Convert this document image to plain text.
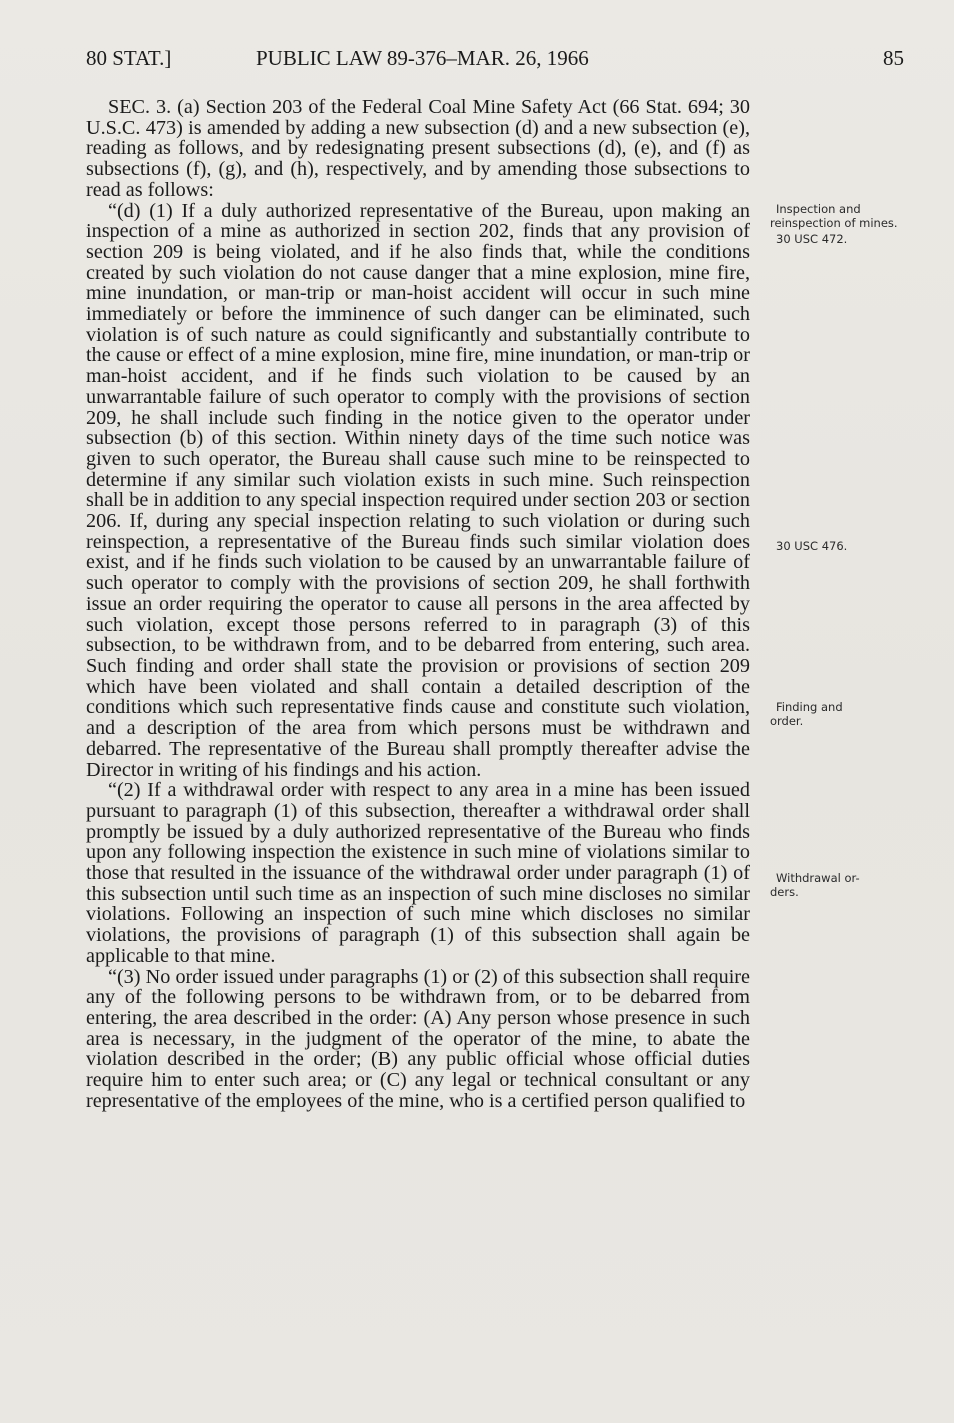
80 STAT.]	PUBLIC LAW 89-376–MAR. 26, 1966	85

SEC. 3. (a) Section 203 of the Federal Coal Mine Safety Act (66 Stat. 694; 30 U.S.C. 473) is amended by adding a new subsection (d) and a new subsection (e), reading as follows, and by redesignating present subsections (d), (e), and (f) as subsections (f), (g), and (h), respectively, and by amending those subsections to read as follows:

“(d) (1) If a duly authorized representative of the Bureau, upon making an inspection of a mine as authorized in section 202, finds that any provision of section 209 is being violated, and if he also finds that, while the conditions created by such violation do not cause danger that a mine explosion, mine fire, mine inundation, or man-trip or man-hoist accident will occur in such mine immediately or before the imminence of such danger can be eliminated, such violation is of such nature as could significantly and substantially contribute to the cause or effect of a mine explosion, mine fire, mine inundation, or man-trip or man-hoist accident, and if he finds such violation to be caused by an unwarrantable failure of such operator to comply with the provisions of section 209, he shall include such finding in the notice given to the operator under subsection (b) of this section. Within ninety days of the time such notice was given to such operator, the Bureau shall cause such mine to be reinspected to determine if any similar such violation exists in such mine. Such reinspection shall be in addition to any special inspection required under section 203 or section 206. If, during any special inspection relating to such violation or during such reinspection, a representative of the Bureau finds such similar violation does exist, and if he finds such violation to be caused by an unwarrantable failure of such operator to comply with the provisions of section 209, he shall forthwith issue an order requiring the operator to cause all persons in the area affected by such violation, except those persons referred to in paragraph (3) of this subsection, to be withdrawn from, and to be debarred from entering, such area. Such finding and order shall state the provision or provisions of section 209 which have been violated and shall contain a detailed description of the conditions which such representative finds cause and constitute such violation, and a description of the area from which persons must be withdrawn and debarred. The representative of the Bureau shall promptly thereafter advise the Director in writing of his findings and his action.

“(2) If a withdrawal order with respect to any area in a mine has been issued pursuant to paragraph (1) of this subsection, thereafter a withdrawal order shall promptly be issued by a duly authorized representative of the Bureau who finds upon any following inspection the existence in such mine of violations similar to those that resulted in the issuance of the withdrawal order under paragraph (1) of this subsection until such time as an inspection of such mine discloses no similar violations. Following an inspection of such mine which discloses no similar violations, the provisions of paragraph (1) of this subsection shall again be applicable to that mine.

“(3) No order issued under paragraphs (1) or (2) of this subsection shall require any of the following persons to be withdrawn from, or to be debarred from entering, the area described in the order: (A) Any person whose presence in such area is necessary, in the judgment of the operator of the mine, to abate the violation described in the order; (B) any public official whose official duties require him to enter such area; or (C) any legal or technical consultant or any representative of the employees of the mine, who is a certified person qualified to

Inspection and
reinspection of mines.
30 USC 472.
30 USC 476.
Finding and
order.
Withdrawal or-
ders.
